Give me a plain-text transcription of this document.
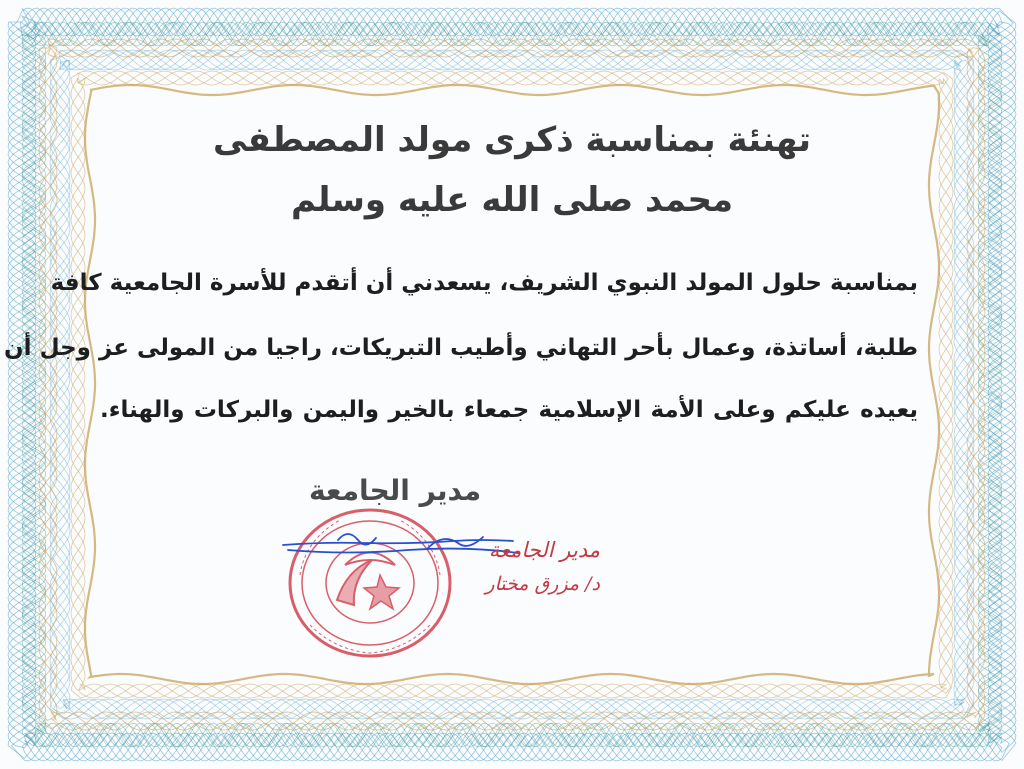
تهنئة بمناسبة ذكرى مولد المصطفى
محمد صلى الله عليه وسلم
بمناسبة حلول المولد النبوي الشريف، يسعدني أن أتقدم للأسرة الجامعية كافة
طلبة، أساتذة، وعمال بأحر التهاني وأطيب التبريكات، راجيا من المولى عز وجل أن
يعيده عليكم وعلى الأمة الإسلامية جمعاء بالخير واليمن والبركات والهناء.
مدير الجامعة
مدير الجامعة
د/ مزرق مختار
